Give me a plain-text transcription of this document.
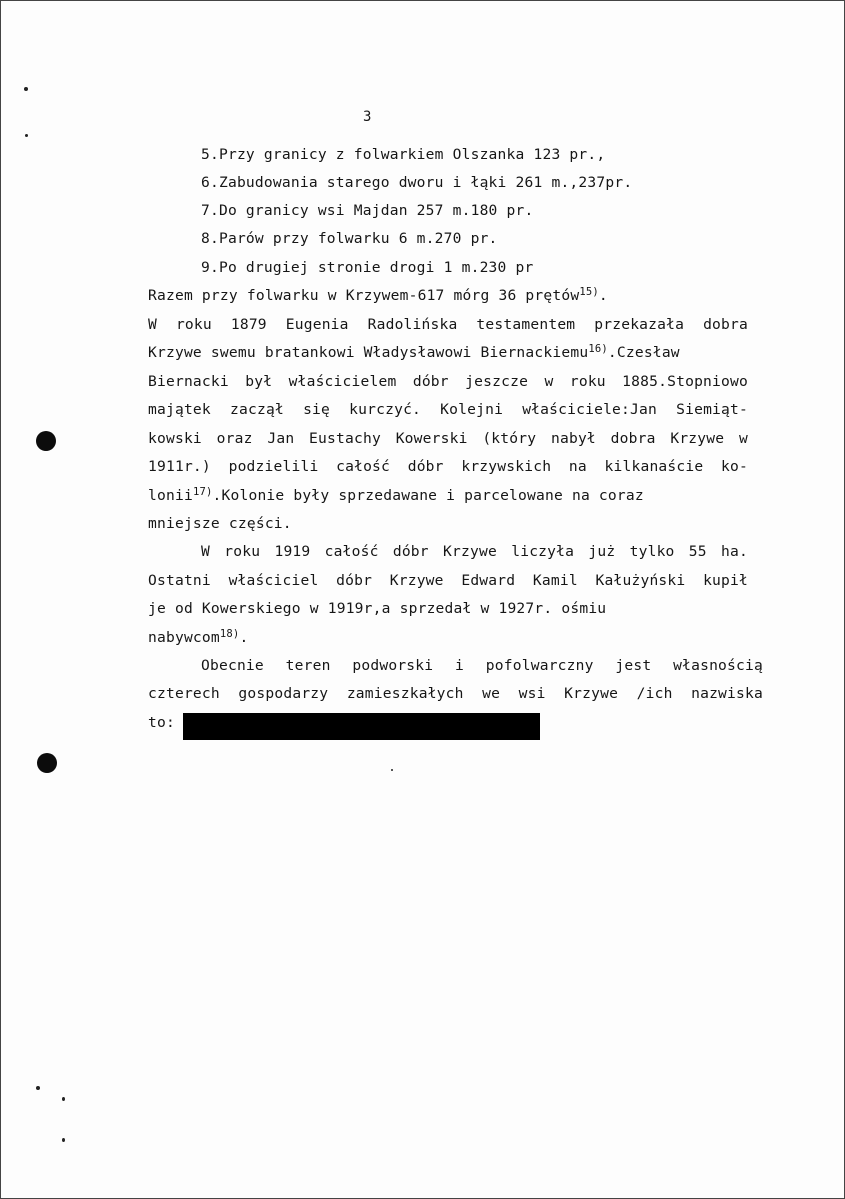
3
5.Przy granicy z folwarkiem Olszanka 123 pr.,
6.Zabudowania starego dworu i łąki 261 m.,237pr.
7.Do granicy wsi Majdan 257 m.180 pr.
8.Parów przy folwarku 6 m.270 pr.
9.Po drugiej stronie drogi 1 m.230 pr
Razem przy folwarku w Krzywem-617 mórg 36 prętów$^{15)}$.
W roku 1879 Eugenia Radolińska testamentem przekazała dobra
Krzywe swemu bratankowi Władysławowi Biernackiemu$^{16)}$.Czesław
Biernacki był właścicielem dóbr jeszcze w roku 1885.Stopniowo
majątek zaczął się kurczyć. Kolejni właściciele:Jan Siemiąt-
kowski oraz Jan Eustachy Kowerski (który nabył dobra Krzywe w
1911r.) podzielili całość dóbr krzywskich na kilkanaście ko-
lonii$^{17)}$.Kolonie były sprzedawane i parcelowane na coraz
mniejsze części.
W roku 1919 całość dóbr Krzywe liczyła już tylko 55 ha.
Ostatni właściciel dóbr Krzywe Edward Kamil Kałużyński kupił
je od Kowerskiego w 1919r,a sprzedał w 1927r. ośmiu
nabywcom$^{18)}$.
Obecnie teren podworski i pofolwarczny jest własnością
czterech gospodarzy zamieszkałych we wsi Krzywe /ich nazwiska
to:
